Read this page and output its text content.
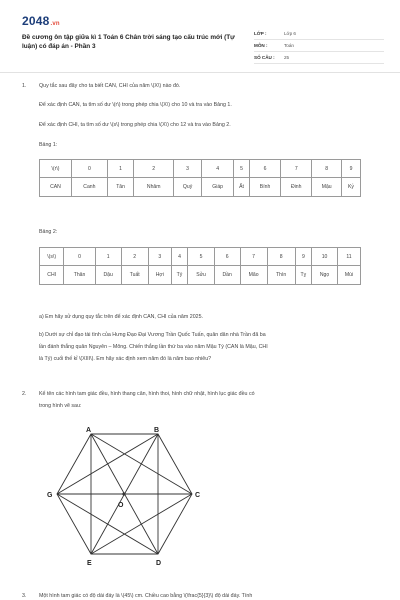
2048.vn
Đề cương ôn tập giữa kì 1 Toán 6 Chân trời sáng tạo cấu trúc mới (Tự luận) có đáp án - Phần 3
LỚP :	Lớp 6
MÔN :	Toán
SỐ CÂU : 25
1. Quy tắc sau đây cho ta biết CAN, CHI của năm \(X\) nào đó.
Để xác định CAN, ta tìm số dư \(r\) trong phép chia \(X\) cho 10 và tra vào Bảng 1.
Để xác định CHI, ta tìm số dư \(s\) trong phép chia \(X\) cho 12 và tra vào Bảng 2.
Bảng 1:
\(r\)	0	1	2	3	4	5	6	7	8	9
CAN	Canh	Tân	Nhâm	Quý	Giáp	Ất	Bính	Đinh	Mậu	Kỷ
Bảng 2:
\(s\)	0	1	2	3	4	5	6	7	8	9	10	11
CHI	Thân	Dậu	Tuất	Hợi	Tý	Sửu	Dần	Mão	Thìn	Tỵ	Ngọ	Mùi
a) Em hãy sử dụng quy tắc trên để xác định CAN, CHI của năm 2025.
b) Dưới sự chỉ đạo tài tình của Hưng Đạo Đại Vương Trần Quốc Tuấn, quân dân nhà Trần đã ba
lần đánh thắng quân Nguyên – Mông. Chiến thắng lần thứ ba vào năm Mậu Tý (CAN là Mậu, CHI
là Tý) cuối thế kỉ \(XIII\). Em hãy xác định xem năm đó là năm bao nhiêu?
2. Kể tên các hình tam giác đều, hình thang cân, hình thoi, hình chữ nhật, hình lục giác đều có
trong hình vẽ sau:
A	B
C
D
E
G
O
3. Một hình tam giác có độ dài đáy là \(45\) cm. Chiều cao bằng \(\frac{5}{3}\) độ dài đáy. Tính
